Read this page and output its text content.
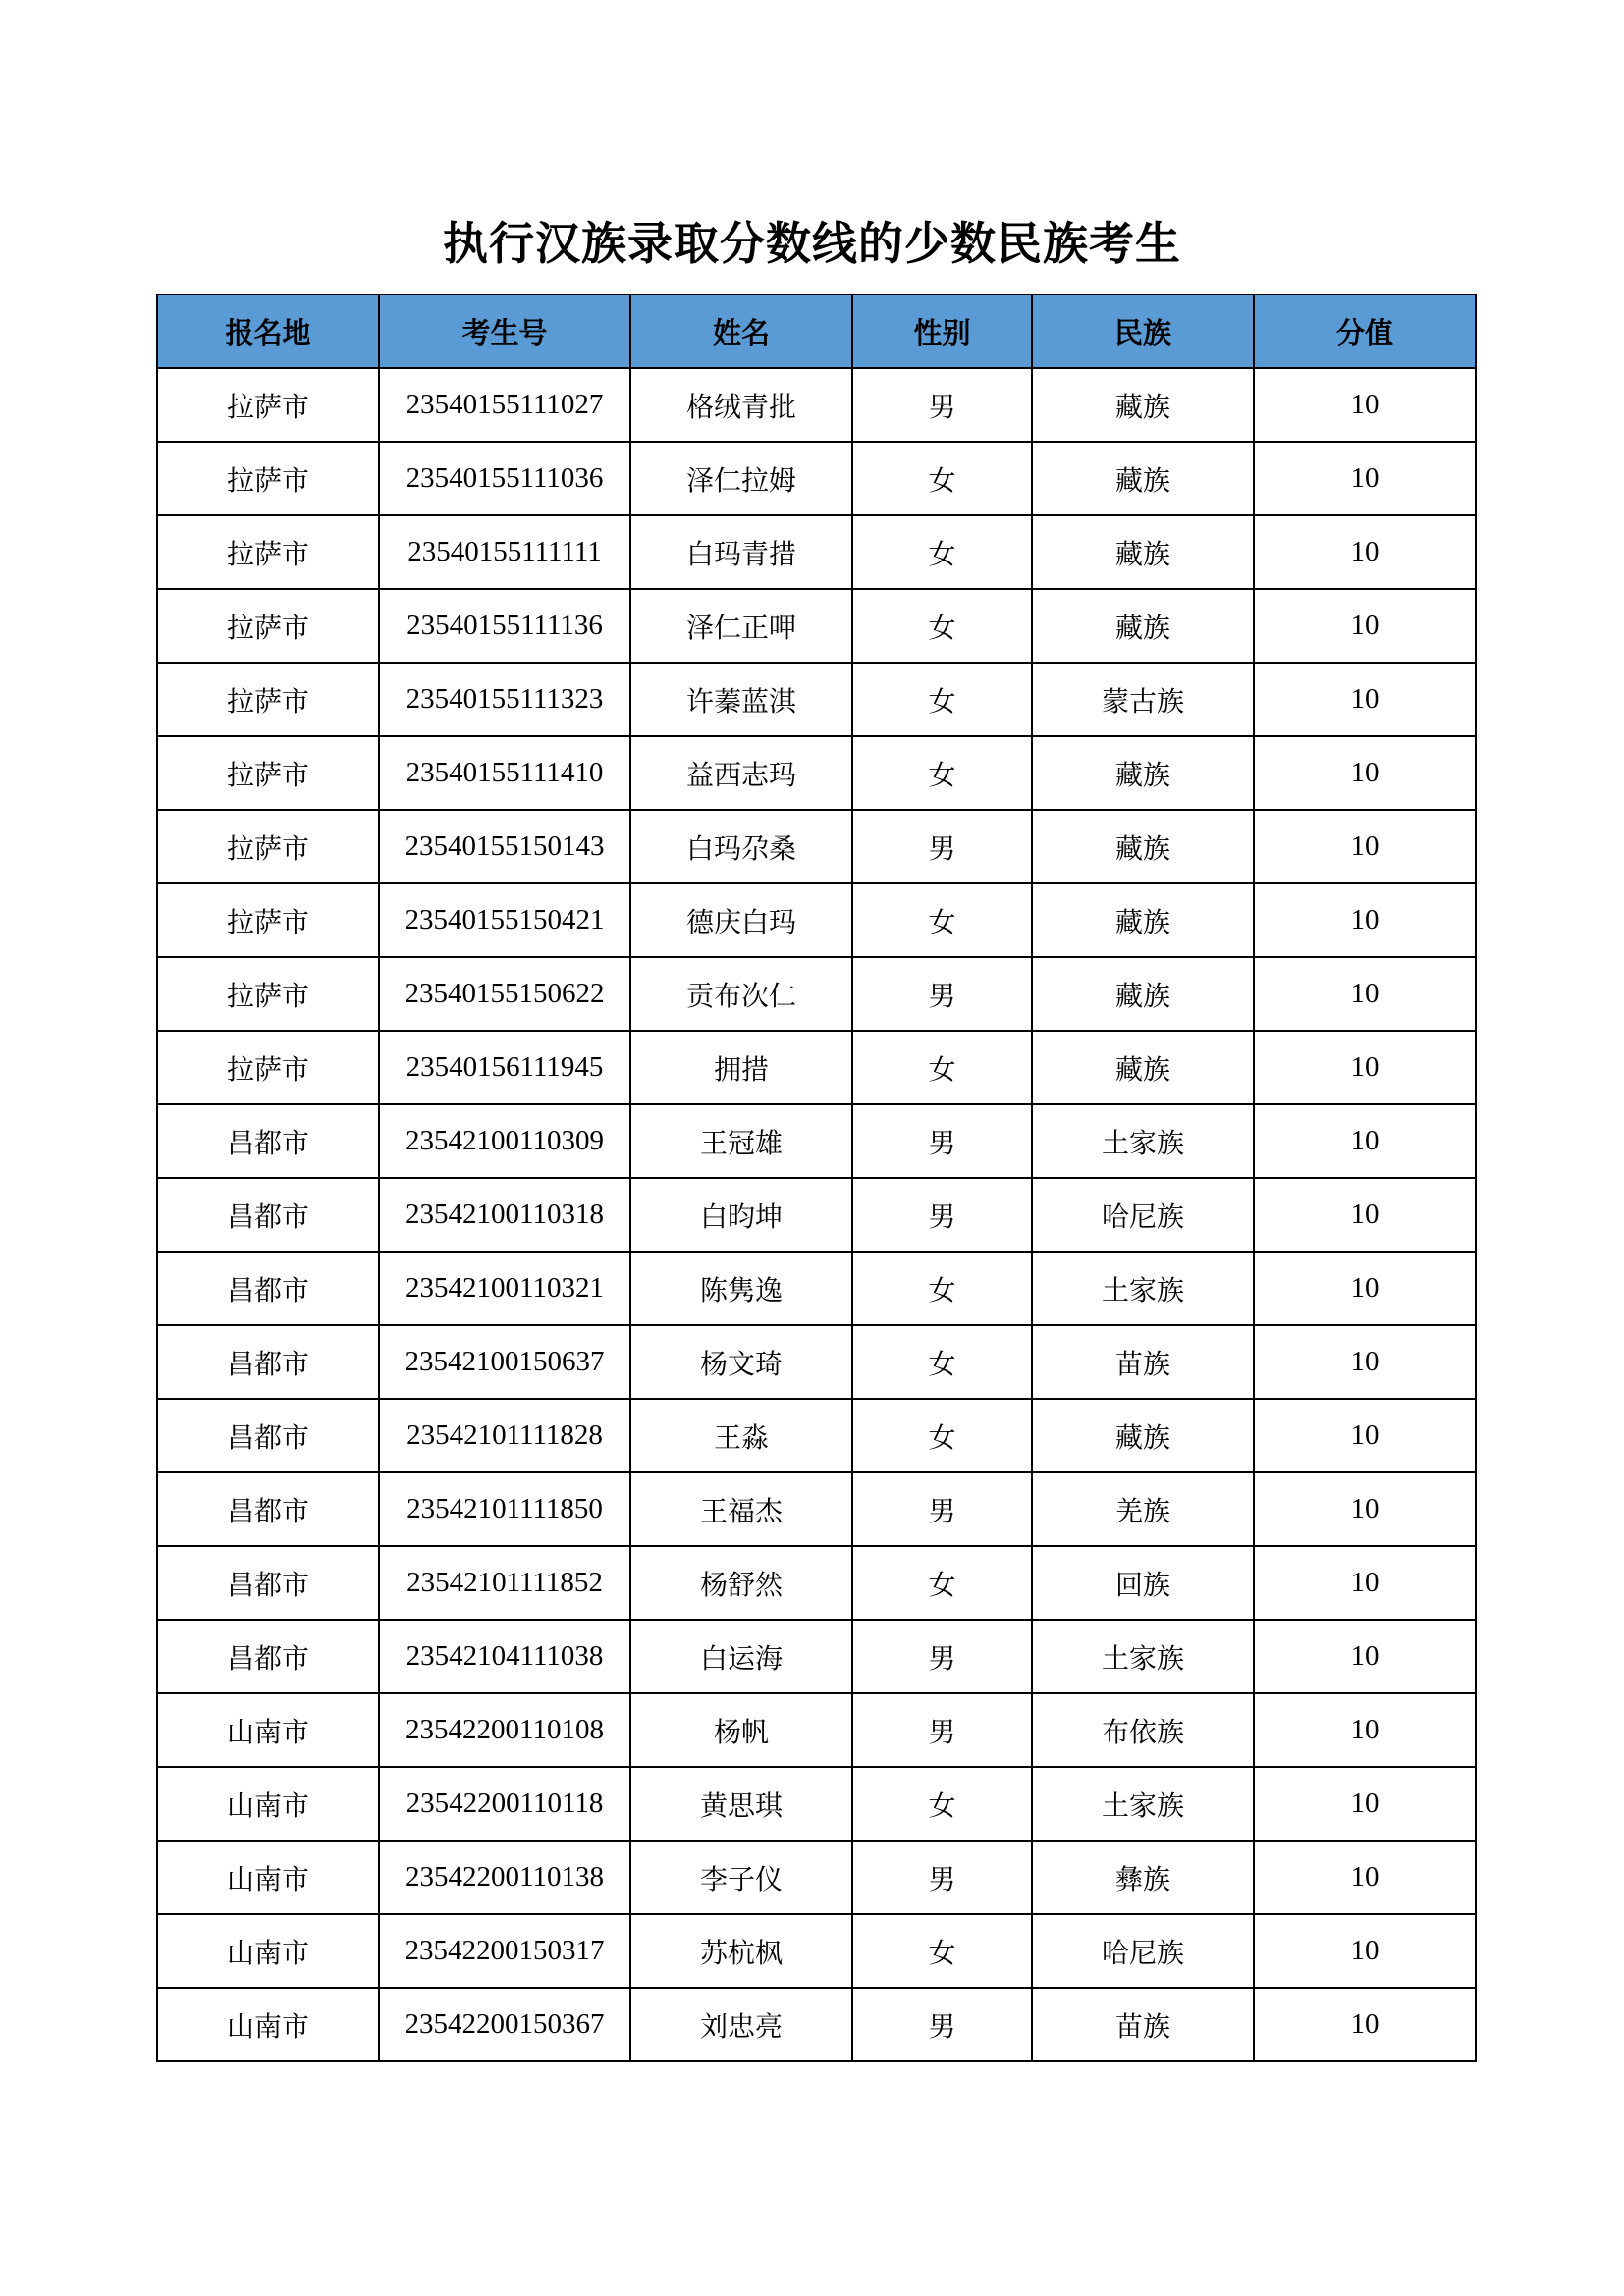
执行汉族录取分数线的少数民族考生
报名地	考生号	姓名	性别	民族	分值
拉萨市	23540155111027	格绒青批	男	藏族	10
拉萨市	23540155111036	泽仁拉姆	女	藏族	10
拉萨市	23540155111111	白玛青措	女	藏族	10
拉萨市	23540155111136	泽仁正呷	女	藏族	10
拉萨市	23540155111323	许蓁蓝淇	女	蒙古族	10
拉萨市	23540155111410	益西志玛	女	藏族	10
拉萨市	23540155150143	白玛尕桑	男	藏族	10
拉萨市	23540155150421	德庆白玛	女	藏族	10
拉萨市	23540155150622	贡布次仁	男	藏族	10
拉萨市	23540156111945	拥措	女	藏族	10
昌都市	23542100110309	王冠雄	男	土家族	10
昌都市	23542100110318	白昀坤	男	哈尼族	10
昌都市	23542100110321	陈隽逸	女	土家族	10
昌都市	23542100150637	杨文琦	女	苗族	10
昌都市	23542101111828	王淼	女	藏族	10
昌都市	23542101111850	王福杰	男	羌族	10
昌都市	23542101111852	杨舒然	女	回族	10
昌都市	23542104111038	白运海	男	土家族	10
山南市	23542200110108	杨帆	男	布依族	10
山南市	23542200110118	黄思琪	女	土家族	10
山南市	23542200110138	李子仪	男	彝族	10
山南市	23542200150317	苏杭枫	女	哈尼族	10
山南市	23542200150367	刘忠亮	男	苗族	10
